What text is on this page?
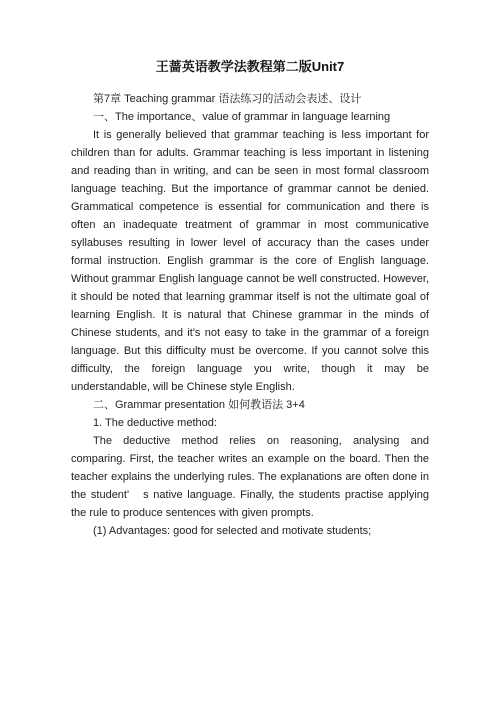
王蔷英语教学法教程第二版Unit7

第7章 Teaching grammar 语法练习的活动会表述、设计

一、The importance、value of grammar in language learning

It is generally believed that grammar teaching is less important for children than for adults. Grammar teaching is less important in listening and reading than in writing, and can be seen in most formal classroom language teaching. But the importance of grammar cannot be denied. Grammatical competence is essential for communication and there is often an inadequate treatment of grammar in most communicative syllabuses resulting in lower level of accuracy than the cases under formal instruction. English grammar is the core of English language. Without grammar English language cannot be well constructed. However, it should be noted that learning grammar itself is not the ultimate goal of learning English. It is natural that Chinese grammar in the minds of Chinese students, and it's not easy to take in the grammar of a foreign language. But this difficulty must be overcome. If you cannot solve this difficulty, the foreign language you write, though it may be understandable, will be Chinese style English.

二、Grammar presentation 如何教语法 3+4

1. The deductive method:

The deductive method relies on reasoning, analysing and comparing. First, the teacher writes an example on the board. Then the teacher explains the underlying rules. The explanations are often done in the student'　s native language. Finally, the students practise applying the rule to produce sentences with given prompts.

(1) Advantages: good for selected and motivate students;
